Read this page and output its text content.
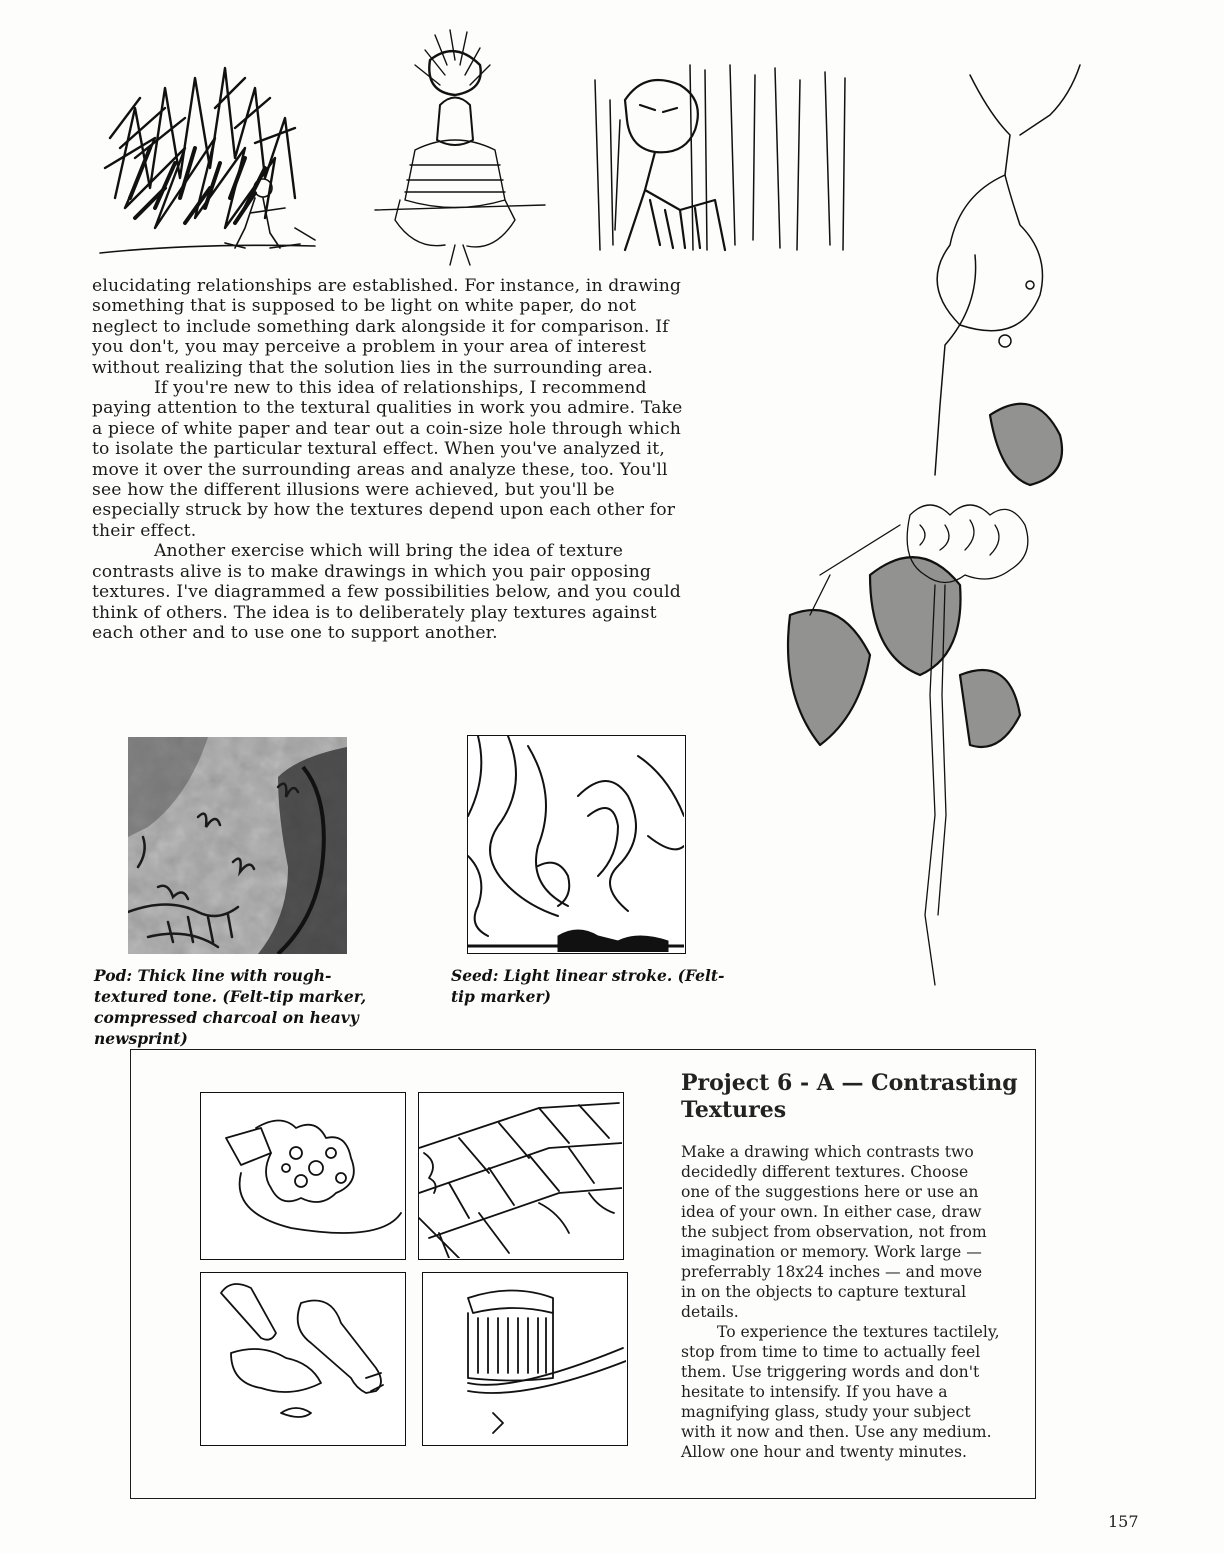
elucidating relationships are established. For instance, in drawing something that is supposed to be light on white paper, do not neglect to include something dark alongside it for comparison. If you don't, you may perceive a problem in your area of interest without realizing that the solution lies in the surrounding area.

If you're new to this idea of relationships, I recommend paying attention to the textural qualities in work you admire. Take a piece of white paper and tear out a coin-size hole through which to isolate the particular textural effect. When you've analyzed it, move it over the surrounding areas and analyze these, too. You'll see how the different illusions were achieved, but you'll be especially struck by how the textures depend upon each other for their effect.

Another exercise which will bring the idea of texture contrasts alive is to make drawings in which you pair opposing textures. I've diagrammed a few possibilities below, and you could think of others. The idea is to deliberately play textures against each other and to use one to support another.

Pod: Thick line with rough-textured tone. (Felt-tip marker, compressed charcoal on heavy newsprint)
Seed: Light linear stroke. (Felt-tip marker)
Project 6 - A — Contrasting Textures

Make a drawing which contrasts two decidedly different textures. Choose one of the suggestions here or use an idea of your own. In either case, draw the subject from observation, not from imagination or memory. Work large — preferrably 18x24 inches — and move in on the objects to capture textural details.

To experience the textures tactilely, stop from time to time to actually feel them. Use triggering words and don't hesitate to intensify. If you have a magnifying glass, study your subject with it now and then. Use any medium. Allow one hour and twenty minutes.

157
